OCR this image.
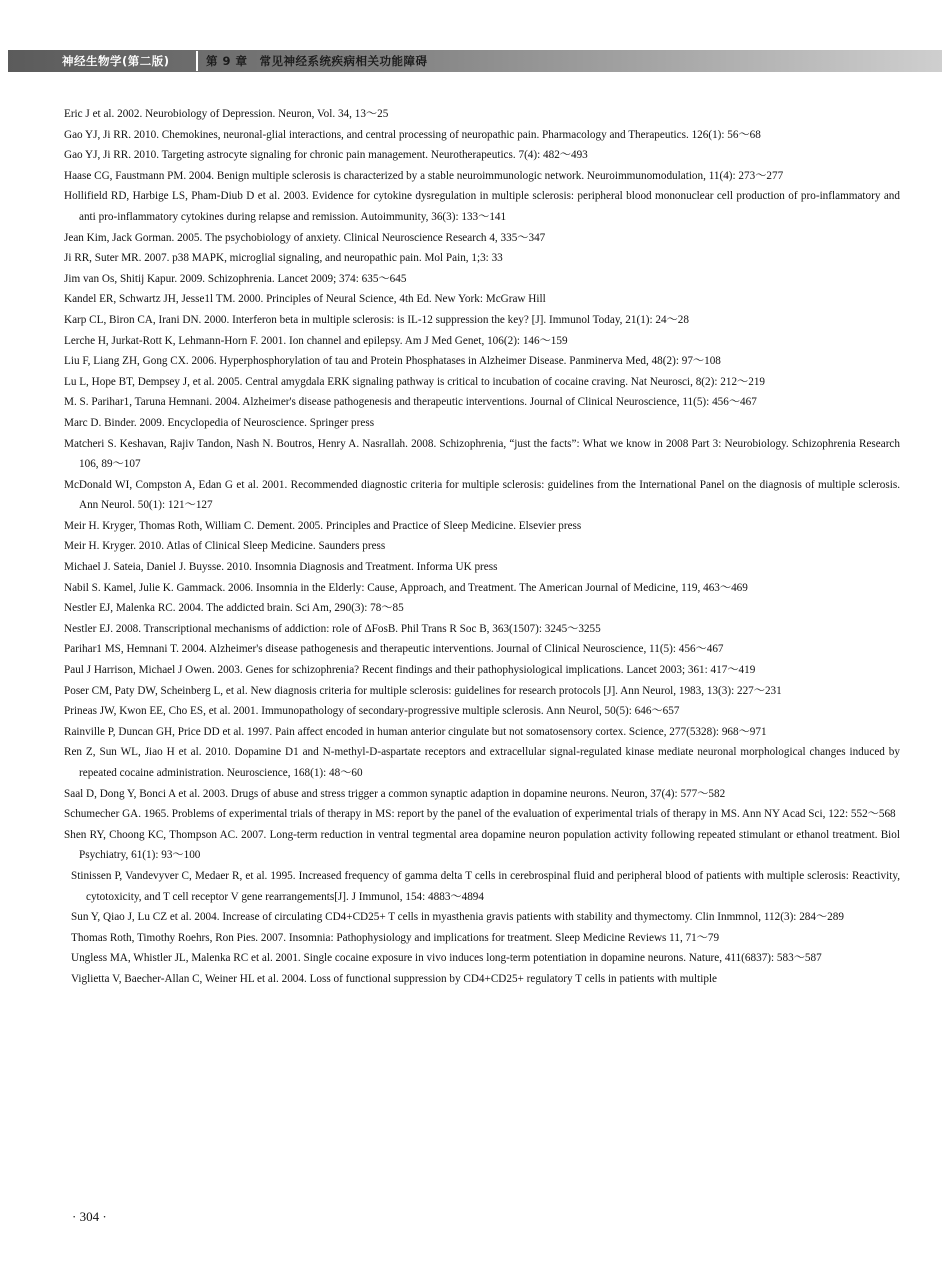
神经生物学(第二版)	第 9 章　常见神经系统疾病相关功能障碍

Eric J et al. 2002. Neurobiology of Depression. Neuron, Vol. 34, 13～25

Gao YJ, Ji RR. 2010. Chemokines, neuronal-glial interactions, and central processing of neuropathic pain. Pharmacology and Therapeutics. 126(1): 56～68

Gao YJ, Ji RR. 2010. Targeting astrocyte signaling for chronic pain management. Neurotherapeutics. 7(4): 482～493

Haase CG, Faustmann PM. 2004. Benign multiple sclerosis is characterized by a stable neuroimmunologic network. Neuroimmunomodulation, 11(4): 273～277

Hollifield RD, Harbige LS, Pham-Diub D et al. 2003. Evidence for cytokine dysregulation in multiple sclerosis: peripheral blood mononuclear cell production of pro-inflammatory and anti pro-inflammatory cytokines during relapse and remission. Autoimmunity, 36(3): 133～141

Jean Kim, Jack Gorman. 2005. The psychobiology of anxiety. Clinical Neuroscience Research 4, 335～347

Ji RR, Suter MR. 2007. p38 MAPK, microglial signaling, and neuropathic pain. Mol Pain, 1;3: 33

Jim van Os, Shitij Kapur. 2009. Schizophrenia. Lancet 2009; 374: 635～645

Kandel ER, Schwartz JH, Jesse1l TM. 2000. Principles of Neural Science, 4th Ed. New York: McGraw Hill

Karp CL, Biron CA, Irani DN. 2000. Interferon beta in multiple sclerosis: is IL-12 suppression the key? [J]. Immunol Today, 21(1): 24～28

Lerche H, Jurkat-Rott K, Lehmann-Horn F. 2001. Ion channel and epilepsy. Am J Med Genet, 106(2): 146～159

Liu F, Liang ZH, Gong CX. 2006. Hyperphosphorylation of tau and Protein Phosphatases in Alzheimer Disease. Panminerva Med, 48(2): 97～108

Lu L, Hope BT, Dempsey J, et al. 2005. Central amygdala ERK signaling pathway is critical to incubation of cocaine craving. Nat Neurosci, 8(2): 212～219

M. S. Parihar1, Taruna Hemnani. 2004. Alzheimer's disease pathogenesis and therapeutic interventions. Journal of Clinical Neuroscience, 11(5): 456～467

Marc D. Binder. 2009. Encyclopedia of Neuroscience. Springer press

Matcheri S. Keshavan, Rajiv Tandon, Nash N. Boutros, Henry A. Nasrallah. 2008. Schizophrenia, “just the facts”: What we know in 2008 Part 3: Neurobiology. Schizophrenia Research 106, 89～107

McDonald WI, Compston A, Edan G et al. 2001. Recommended diagnostic criteria for multiple sclerosis: guidelines from the International Panel on the diagnosis of multiple sclerosis. Ann Neurol. 50(1): 121～127

Meir H. Kryger, Thomas Roth, William C. Dement. 2005. Principles and Practice of Sleep Medicine. Elsevier press

Meir H. Kryger. 2010. Atlas of Clinical Sleep Medicine. Saunders press

Michael J. Sateia, Daniel J. Buysse. 2010. Insomnia Diagnosis and Treatment. Informa UK press

Nabil S. Kamel, Julie K. Gammack. 2006. Insomnia in the Elderly: Cause, Approach, and Treatment. The American Journal of Medicine, 119, 463～469

Nestler EJ, Malenka RC. 2004. The addicted brain. Sci Am, 290(3): 78～85

Nestler EJ. 2008. Transcriptional mechanisms of addiction: role of ΔFosB. Phil Trans R Soc B, 363(1507): 3245～3255

Parihar1 MS, Hemnani T. 2004. Alzheimer's disease pathogenesis and therapeutic interventions. Journal of Clinical Neuroscience, 11(5): 456～467

Paul J Harrison, Michael J Owen. 2003. Genes for schizophrenia? Recent findings and their pathophysiological implications. Lancet 2003; 361: 417～419

Poser CM, Paty DW, Scheinberg L, et al. New diagnosis criteria for multiple sclerosis: guidelines for research protocols [J]. Ann Neurol, 1983, 13(3): 227～231

Prineas JW, Kwon EE, Cho ES, et al. 2001. Immunopathology of secondary-progressive multiple sclerosis. Ann Neurol, 50(5): 646～657

Rainville P, Duncan GH, Price DD et al. 1997. Pain affect encoded in human anterior cingulate but not somatosensory cortex. Science, 277(5328): 968～971

Ren Z, Sun WL, Jiao H et al. 2010. Dopamine D1 and N-methyl-D-aspartate receptors and extracellular signal-regulated kinase mediate neuronal morphological changes induced by repeated cocaine administration. Neuroscience, 168(1): 48～60

Saal D, Dong Y, Bonci A et al. 2003. Drugs of abuse and stress trigger a common synaptic adaption in dopamine neurons. Neuron, 37(4): 577～582

Schumecher GA. 1965. Problems of experimental trials of therapy in MS: report by the panel of the evaluation of experimental trials of therapy in MS. Ann NY Acad Sci, 122: 552～568

Shen RY, Choong KC, Thompson AC. 2007. Long-term reduction in ventral tegmental area dopamine neuron population activity following repeated stimulant or ethanol treatment. Biol Psychiatry, 61(1): 93～100

Stinissen P, Vandevyver C, Medaer R, et al. 1995. Increased frequency of gamma delta T cells in cerebrospinal fluid and peripheral blood of patients with multiple sclerosis: Reactivity, cytotoxicity, and T cell receptor V gene rearrangements[J]. J Immunol, 154: 4883～4894

Sun Y, Qiao J, Lu CZ et al. 2004. Increase of circulating CD4+CD25+ T cells in myasthenia gravis patients with stability and thymectomy. Clin Inmmnol, 112(3): 284～289

Thomas Roth, Timothy Roehrs, Ron Pies. 2007. Insomnia: Pathophysiology and implications for treatment. Sleep Medicine Reviews 11, 71～79

Ungless MA, Whistler JL, Malenka RC et al. 2001. Single cocaine exposure in vivo induces long-term potentiation in dopamine neurons. Nature, 411(6837): 583～587

Viglietta V, Baecher-Allan C, Weiner HL et al. 2004. Loss of functional suppression by CD4+CD25+ regulatory T cells in patients with multiple

· 304 ·
